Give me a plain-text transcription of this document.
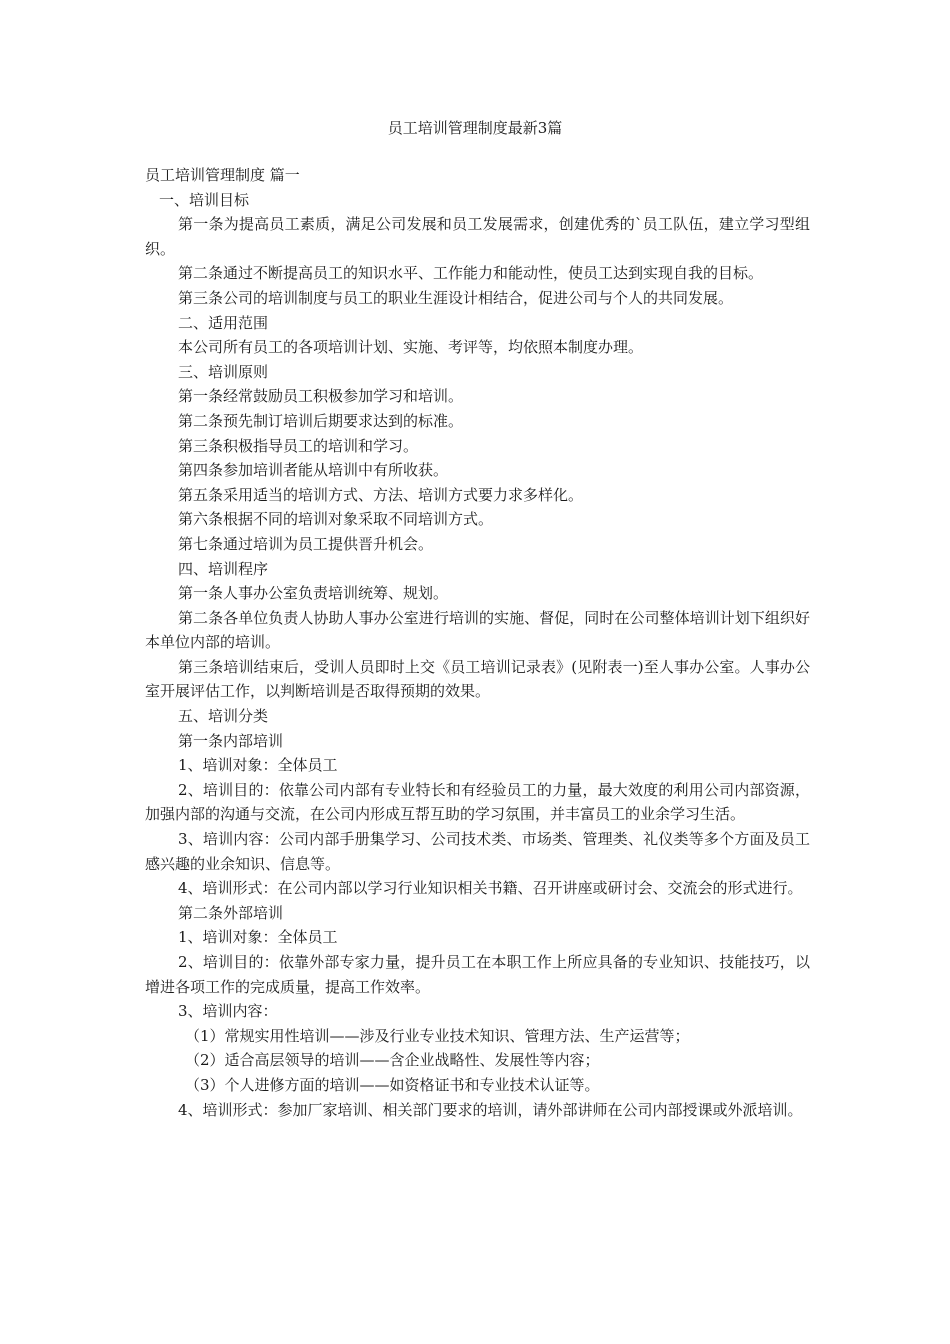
员工培训管理制度最新3篇

员工培训管理制度 篇一

一、培训目标

第一条为提高员工素质，满足公司发展和员工发展需求，创建优秀的`员工队伍，建立学习型组织。

第二条通过不断提高员工的知识水平、工作能力和能动性，使员工达到实现自我的目标。

第三条公司的培训制度与员工的职业生涯设计相结合，促进公司与个人的共同发展。

二、适用范围

本公司所有员工的各项培训计划、实施、考评等，均依照本制度办理。

三、培训原则

第一条经常鼓励员工积极参加学习和培训。

第二条预先制订培训后期要求达到的标准。

第三条积极指导员工的培训和学习。

第四条参加培训者能从培训中有所收获。

第五条采用适当的培训方式、方法、培训方式要力求多样化。

第六条根据不同的培训对象采取不同培训方式。

第七条通过培训为员工提供晋升机会。

四、培训程序

第一条人事办公室负责培训统筹、规划。

第二条各单位负责人协助人事办公室进行培训的实施、督促，同时在公司整体培训计划下组织好本单位内部的培训。

第三条培训结束后，受训人员即时上交《员工培训记录表》(见附表一)至人事办公室。人事办公室开展评估工作，以判断培训是否取得预期的效果。

五、培训分类

第一条内部培训

1、培训对象：全体员工

2、培训目的：依靠公司内部有专业特长和有经验员工的力量，最大效度的利用公司内部资源，加强内部的沟通与交流，在公司内形成互帮互助的学习氛围，并丰富员工的业余学习生活。

3、培训内容：公司内部手册集学习、公司技术类、市场类、管理类、礼仪类等多个方面及员工感兴趣的业余知识、信息等。

4、培训形式：在公司内部以学习行业知识相关书籍、召开讲座或研讨会、交流会的形式进行。

第二条外部培训

1、培训对象：全体员工

2、培训目的：依靠外部专家力量，提升员工在本职工作上所应具备的专业知识、技能技巧，以增进各项工作的完成质量，提高工作效率。

3、培训内容：

（1）常规实用性培训——涉及行业专业技术知识、管理方法、生产运营等；

（2）适合高层领导的培训——含企业战略性、发展性等内容；

（3）个人进修方面的培训——如资格证书和专业技术认证等。

4、培训形式：参加厂家培训、相关部门要求的培训，请外部讲师在公司内部授课或外派培训。
